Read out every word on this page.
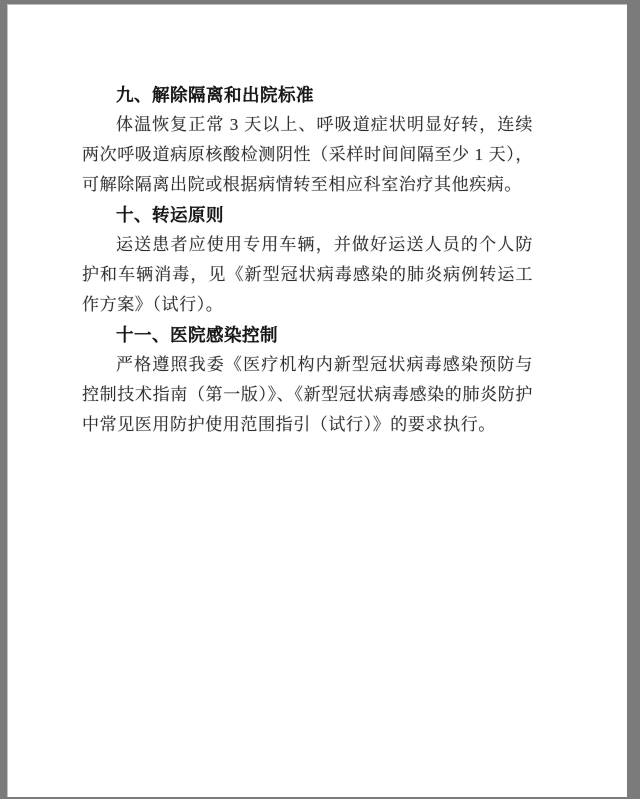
九、解除隔离和出院标准

体温恢复正常 3 天以上、呼吸道症状明显好转，连续两次呼吸道病原核酸检测阴性（采样时间间隔至少 1 天），可解除隔离出院或根据病情转至相应科室治疗其他疾病。

十、转运原则

运送患者应使用专用车辆，并做好运送人员的个人防护和车辆消毒，见《新型冠状病毒感染的肺炎病例转运工作方案》（试行）。

十一、医院感染控制

严格遵照我委《医疗机构内新型冠状病毒感染预防与控制技术指南（第一版）》、《新型冠状病毒感染的肺炎防护中常见医用防护使用范围指引（试行）》的要求执行。
